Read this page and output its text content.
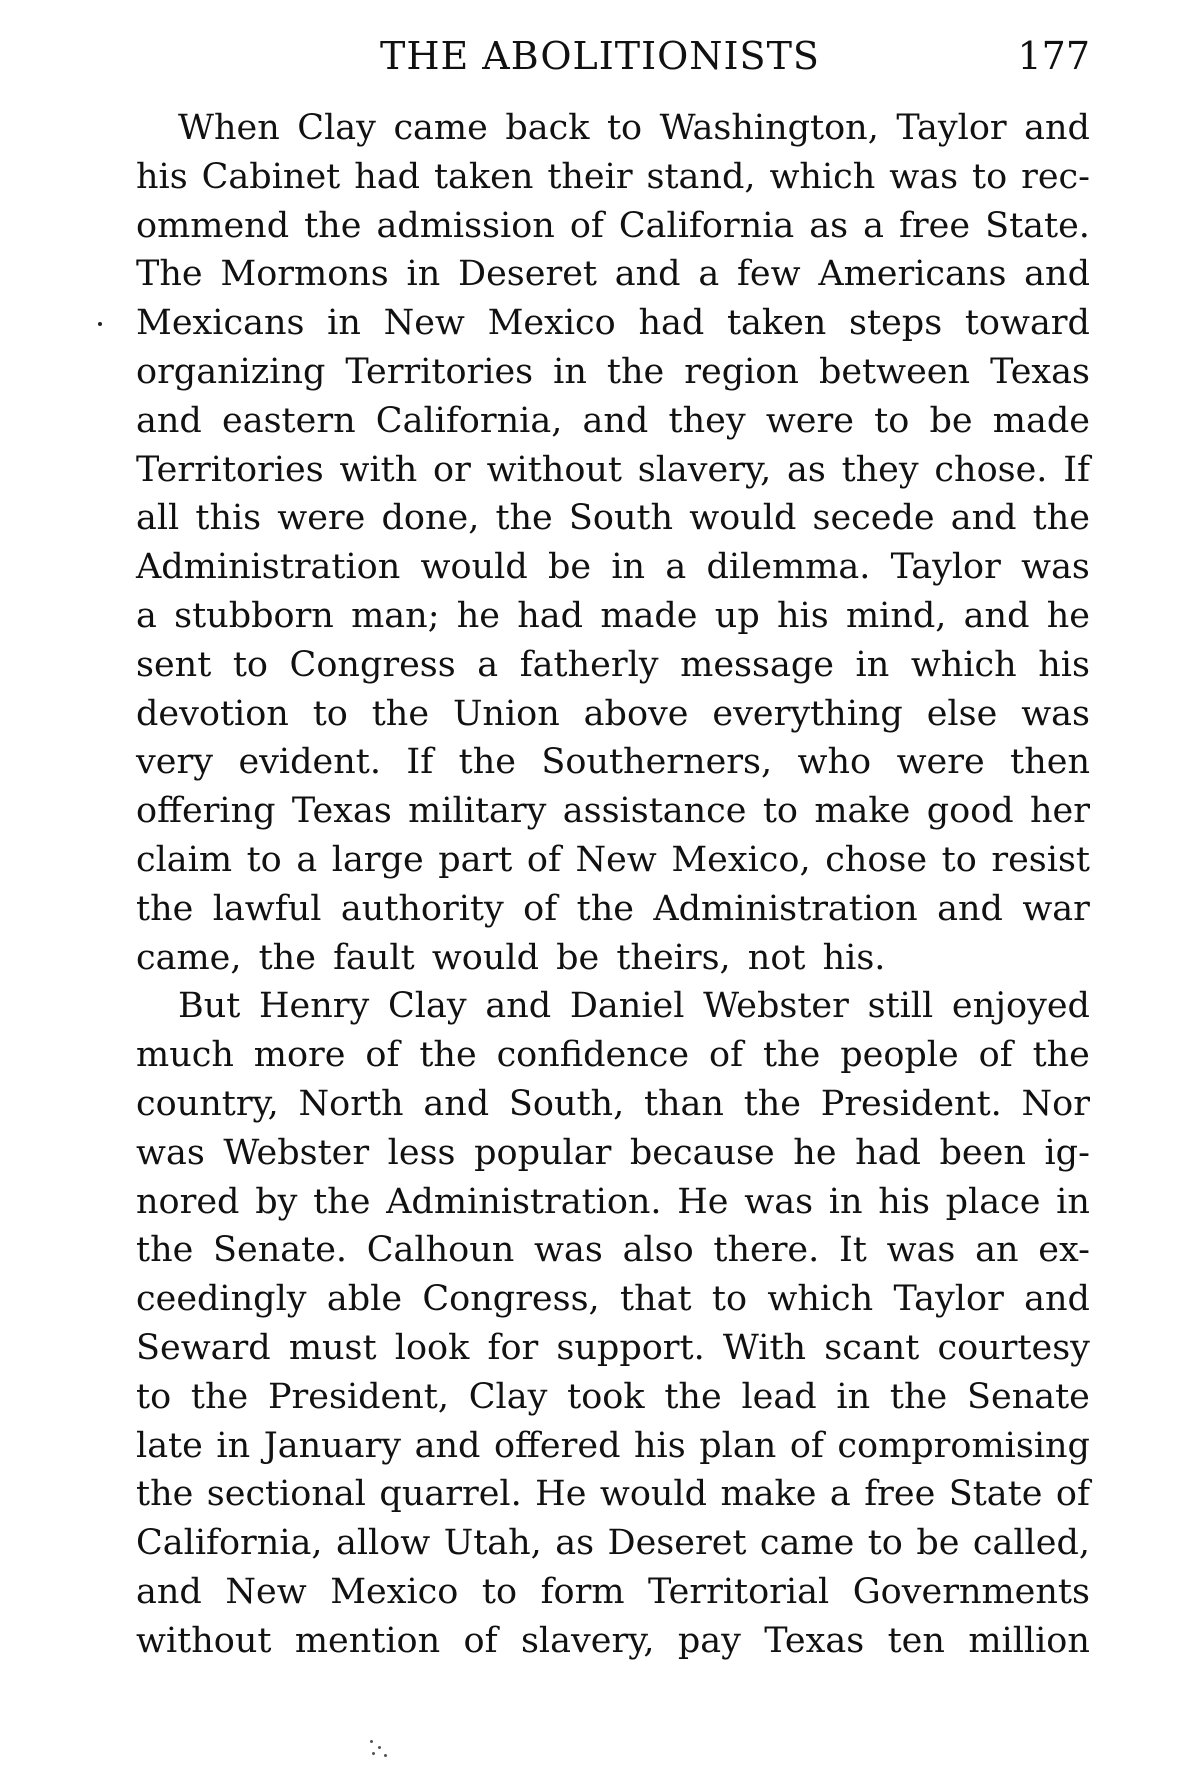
THE ABOLITIONISTS	177
When Clay came back to Washington, Taylor and
his Cabinet had taken their stand, which was to rec-
ommend the admission of California as a free State.
The Mormons in Deseret and a few Americans and
Mexicans in New Mexico had taken steps toward
organizing Territories in the region between Texas
and eastern California, and they were to be made
Territories with or without slavery, as they chose. If
all this were done, the South would secede and the
Administration would be in a dilemma. Taylor was
a stubborn man; he had made up his mind, and he
sent to Congress a fatherly message in which his
devotion to the Union above everything else was
very evident. If the Southerners, who were then
offering Texas military assistance to make good her
claim to a large part of New Mexico, chose to resist
the lawful authority of the Administration and war
came, the fault would be theirs, not his.
But Henry Clay and Daniel Webster still enjoyed
much more of the confidence of the people of the
country, North and South, than the President. Nor
was Webster less popular because he had been ig-
nored by the Administration. He was in his place in
the Senate. Calhoun was also there. It was an ex-
ceedingly able Congress, that to which Taylor and
Seward must look for support. With scant courtesy
to the President, Clay took the lead in the Senate
late in January and offered his plan of compromising
the sectional quarrel. He would make a free State of
California, allow Utah, as Deseret came to be called,
and New Mexico to form Territorial Governments
without mention of slavery, pay Texas ten million
